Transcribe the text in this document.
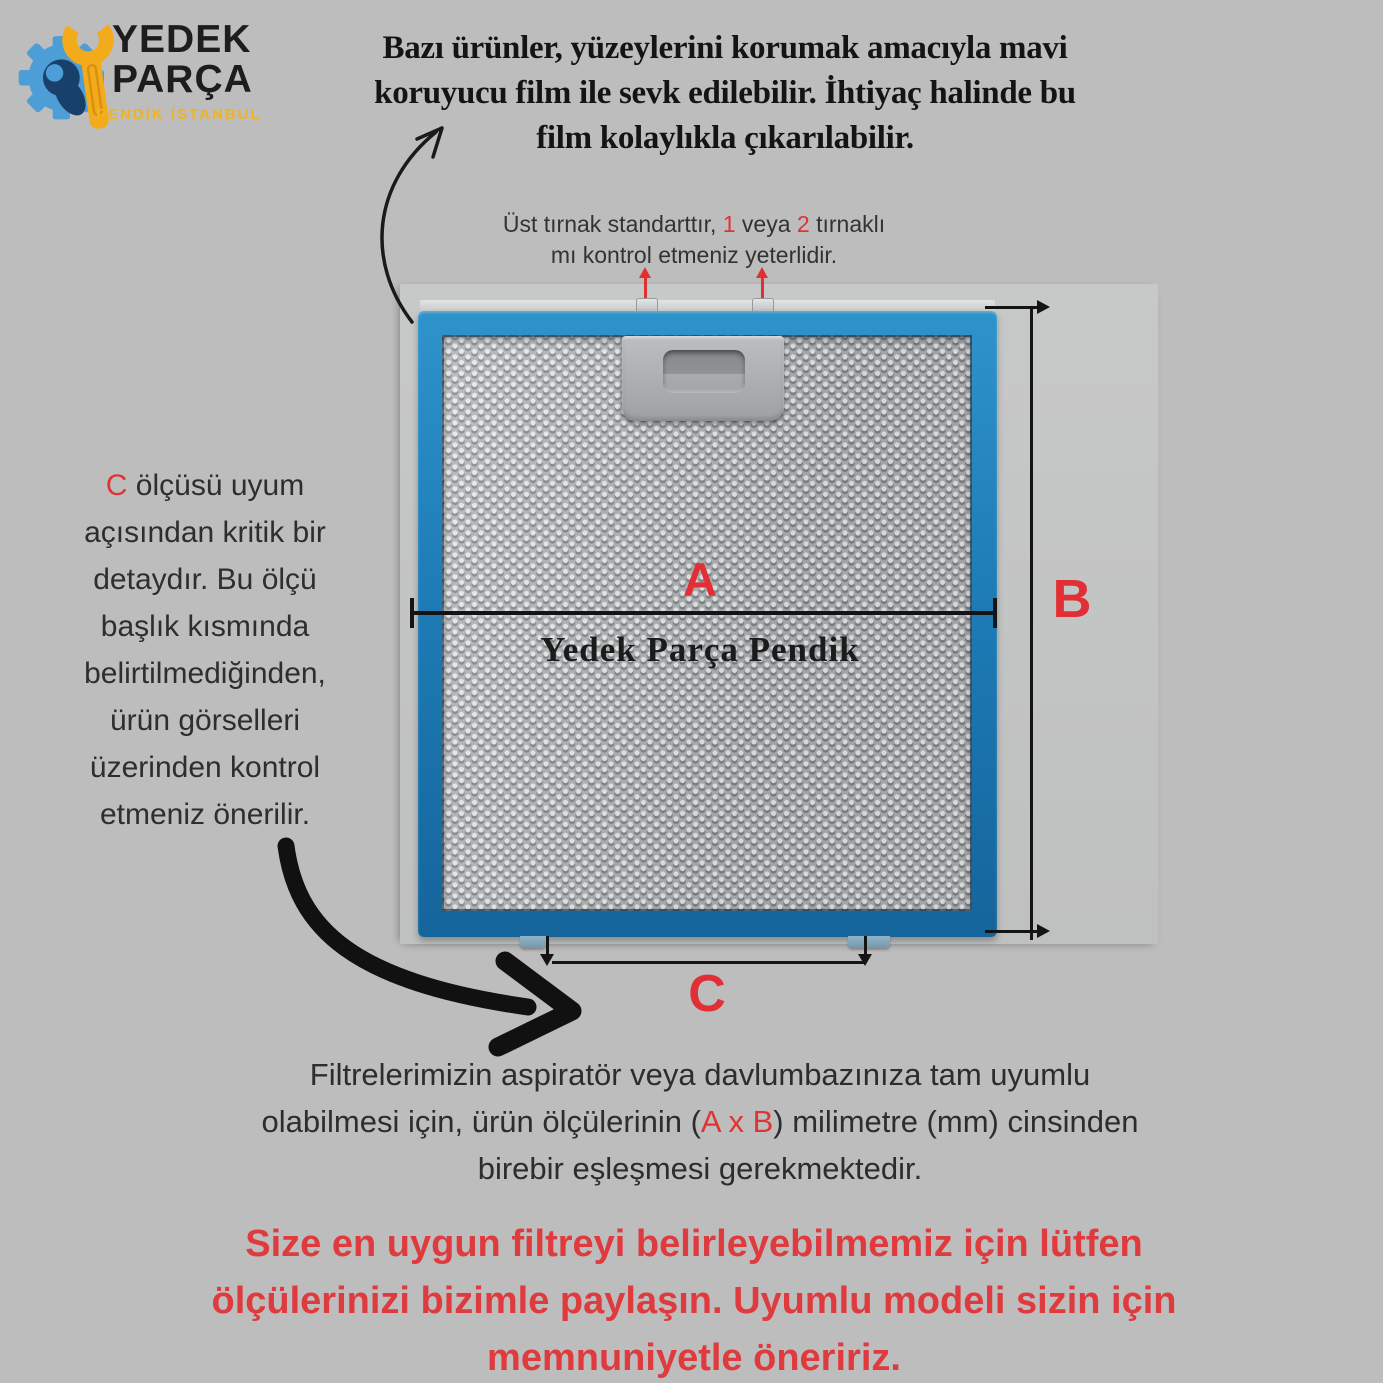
YEDEK
PARÇA
PENDİK İSTANBUL
Bazı ürünler, yüzeylerini korumak amacıyla mavi
koruyucu film ile sevk edilebilir. İhtiyaç halinde bu
film kolaylıkla çıkarılabilir.
Üst tırnak standarttır, 1 veya 2 tırnaklı
mı kontrol etmeniz yeterlidir.
A
Yedek Parça Pendik
B
C
C ölçüsü uyum
açısından kritik bir
detaydır. Bu ölçü
başlık kısmında
belirtilmediğinden,
ürün görselleri
üzerinden kontrol
etmeniz önerilir.
Filtrelerimizin aspiratör veya davlumbazınıza tam uyumlu
olabilmesi için, ürün ölçülerinin (A x B) milimetre (mm) cinsinden
birebir eşleşmesi gerekmektedir.
Size en uygun filtreyi belirleyebilmemiz için lütfen
ölçülerinizi bizimle paylaşın. Uyumlu modeli sizin için
memnuniyetle öneririz.
